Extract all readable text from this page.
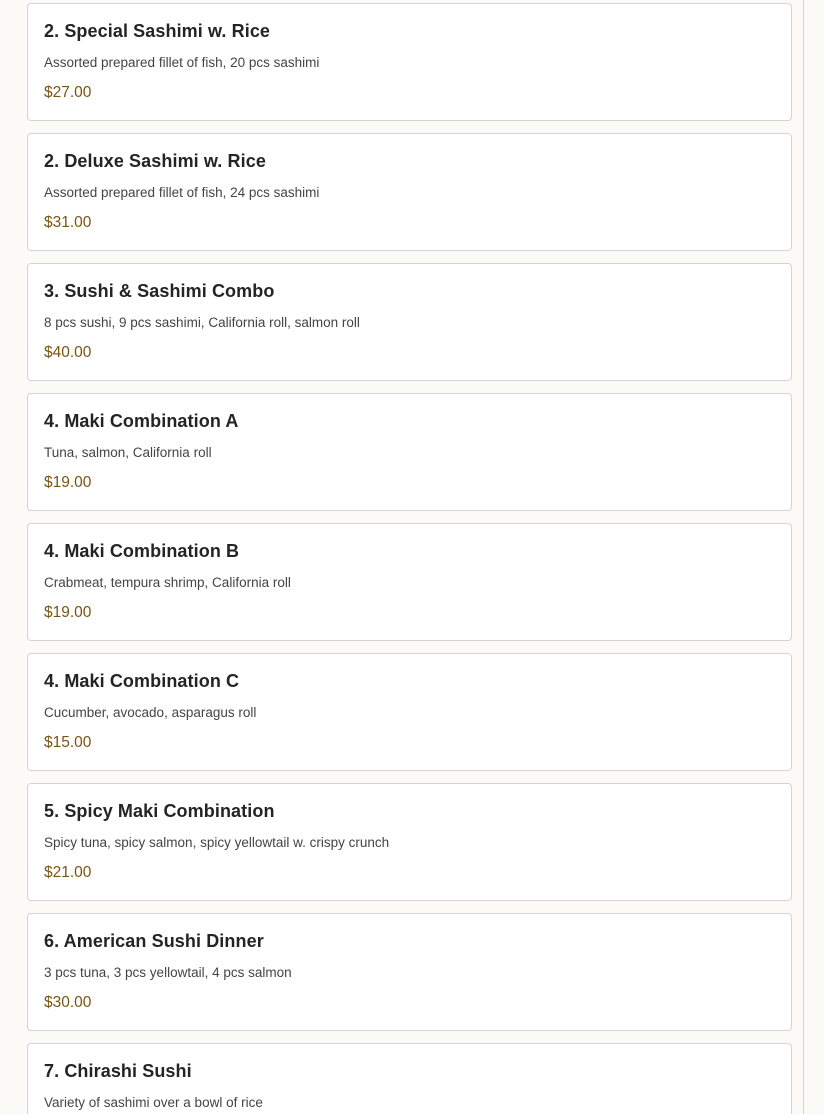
2. Special Sashimi w. Rice
Assorted prepared fillet of fish, 20 pcs sashimi
$27.00
2. Deluxe Sashimi w. Rice
Assorted prepared fillet of fish, 24 pcs sashimi
$31.00
3. Sushi & Sashimi Combo
8 pcs sushi, 9 pcs sashimi, California roll, salmon roll
$40.00
4. Maki Combination A
Tuna, salmon, California roll
$19.00
4. Maki Combination B
Crabmeat, tempura shrimp, California roll
$19.00
4. Maki Combination C
Cucumber, avocado, asparagus roll
$15.00
5. Spicy Maki Combination
Spicy tuna, spicy salmon, spicy yellowtail w. crispy crunch
$21.00
6. American Sushi Dinner
3 pcs tuna, 3 pcs yellowtail, 4 pcs salmon
$30.00
7. Chirashi Sushi
Variety of sashimi over a bowl of rice
